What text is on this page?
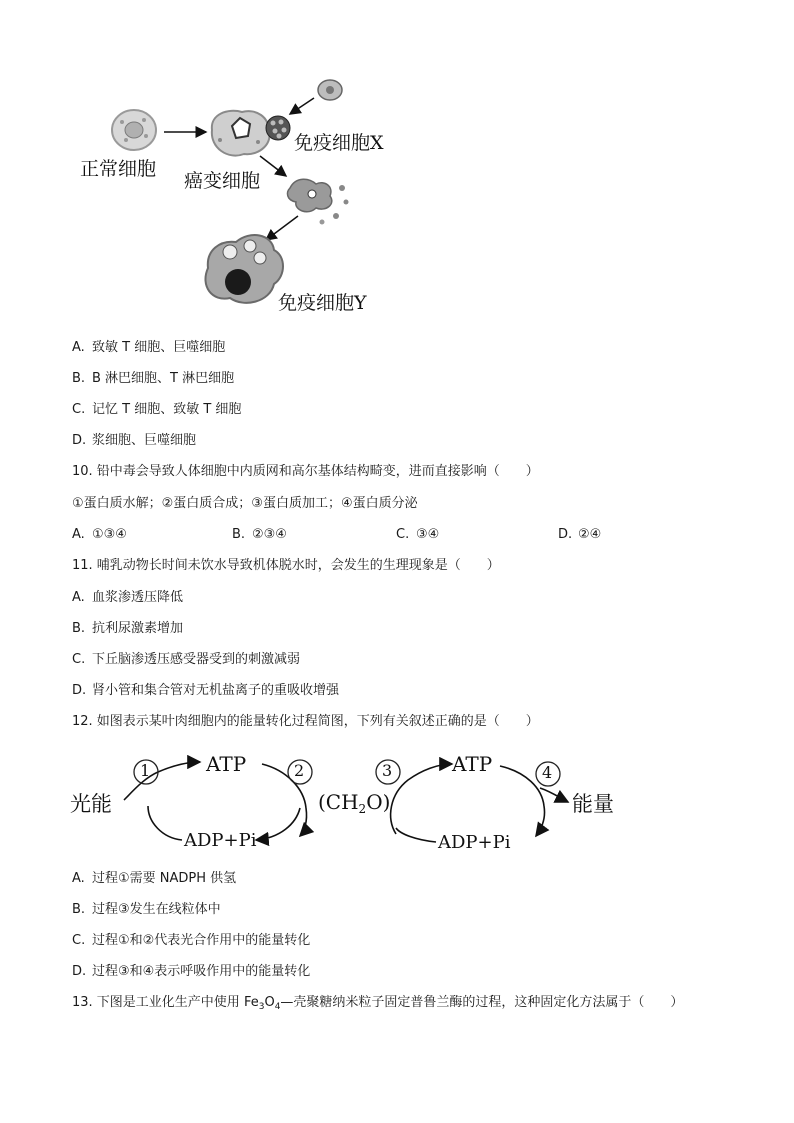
正常细胞
癌变细胞
免疫细胞X
免疫细胞Y
A. 致敏 T 细胞、巨噬细胞
B. B 淋巴细胞、T 淋巴细胞
C. 记忆 T 细胞、致敏 T 细胞
D. 浆细胞、巨噬细胞
10. 铅中毒会导致人体细胞中内质网和高尔基体结构畸变，进而直接影响（　　）
①蛋白质水解；②蛋白质合成；③蛋白质加工；④蛋白质分泌
A. ①③④	B. ②③④	C. ③④	D. ②④
11. 哺乳动物长时间未饮水导致机体脱水时，会发生的生理现象是（　　）
A. 血浆渗透压降低
B. 抗利尿激素增加
C. 下丘脑渗透压感受器受到的刺激减弱
D. 肾小管和集合管对无机盐离子的重吸收增强
12. 如图表示某叶肉细胞内的能量转化过程简图，下列有关叙述正确的是（　　）
1	2	3	4
光能
ATP
ADP+Pi
$(CH_2O)$
ATP
ADP+Pi
能量
A. 过程①需要 NADPH 供氢
B. 过程③发生在线粒体中
C. 过程①和②代表光合作用中的能量转化
D. 过程③和④表示呼吸作用中的能量转化
13. 下图是工业化生产中使用 $Fe_3O_4—$壳聚糖纳米粒子固定普鲁兰酶的过程，这种固定化方法属于（　　）
